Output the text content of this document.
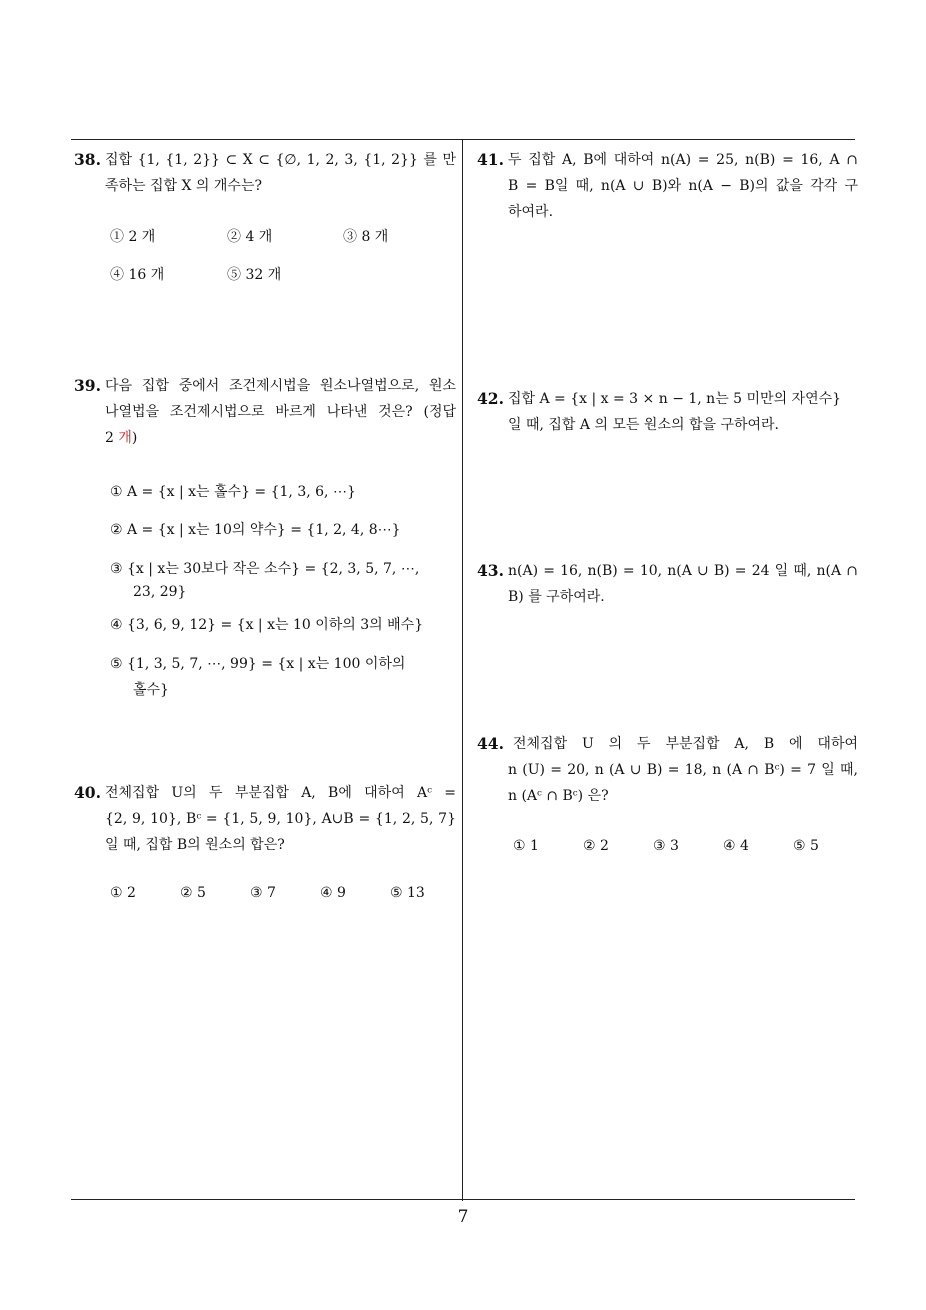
38. 집합 {1, {1, 2}} ⊂ X ⊂ {∅, 1, 2, 3, {1, 2}} 를 만
족하는 집합 X 의 개수는?
① 2 개	② 4 개	③ 8 개
④ 16 개	⑤ 32 개
39. 다음 집합 중에서 조건제시법을 원소나열법으로, 원소
나열법을 조건제시법으로 바르게 나타낸 것은? (정답
2 개)
① A = {x | x는 홀수} = {1, 3, 6, ⋯}
② A = {x | x는 10의 약수} = {1, 2, 4, 8⋯}
③ {x | x는 30보다 작은 소수} = {2, 3, 5, 7, ⋯,
23, 29}
④ {3, 6, 9, 12} = {x | x는 10 이하의 3의 배수}
⑤ {1, 3, 5, 7, ⋯, 99} = {x | x는 100 이하의
홀수}
40. 전체집합 U의 두 부분집합 A, B에 대하여 Aᶜ =
{2, 9, 10}, Bᶜ = {1, 5, 9, 10}, A∪B = {1, 2, 5, 7}
일 때, 집합 B의 원소의 합은?
① 2	② 5	③ 7	④ 9	⑤ 13
41. 두 집합 A, B에 대하여 n(A) = 25, n(B) = 16, A ∩
B = B일 때, n(A ∪ B)와 n(A − B)의 값을 각각 구
하여라.
42. 집합 A = {x | x = 3 × n − 1, n는 5 미만의 자연수}
일 때, 집합 A 의 모든 원소의 합을 구하여라.
43. n(A) = 16, n(B) = 10, n(A ∪ B) = 24 일 때, n(A ∩
B) 를 구하여라.
44. 전체집합 U 의 두 부분집합 A, B 에 대하여
n (U) = 20, n (A ∪ B) = 18, n (A ∩ Bᶜ) = 7 일 때,
n (Aᶜ ∩ Bᶜ) 은?
① 1	② 2	③ 3	④ 4	⑤ 5
7
